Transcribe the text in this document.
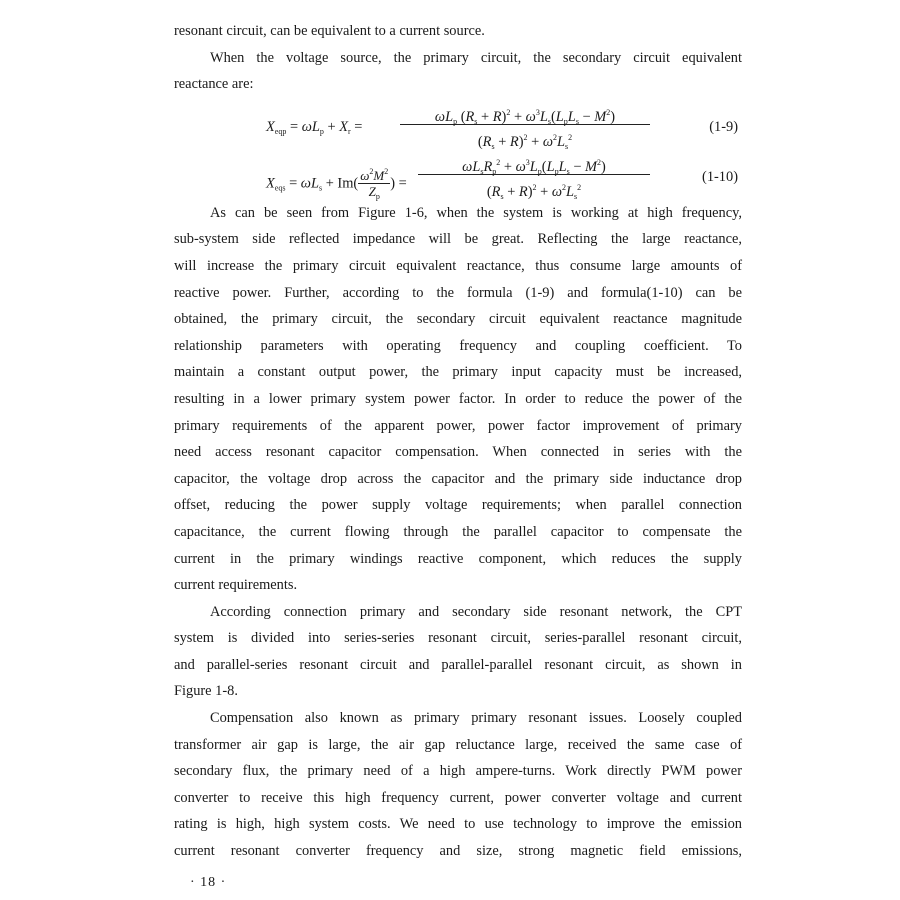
resonant circuit, can be equivalent to a current source.
When the voltage source, the primary circuit, the secondary circuit equivalent
reactance are:
$X_{eqp} = \omega L_p + X_r$ =
$\omega L_p$ $(R_s + R)^2 + \omega^3L_s(L_pL_s - M^2)$
$(R_s + R)^2 + \omega^2L_s^2$
(1-9)
$X_{eqs} = \omega L_s + Im( \frac{\omega^2M^2}{Z_p}$ ) =
$\omega L_sR_p^2 + \omega^3L_p(L_pL_s - M^2)$
$(R_s + R)^2 + \omega^2L_s^2$
(1-10)
As can be seen from Figure 1-6, when the system is working at high frequency,
sub-system side reflected impedance will be great. Reflecting the large reactance,
will increase the primary circuit equivalent reactance, thus consume large amounts of
reactive power. Further, according to the formula (1-9) and formula(1-10) can be
obtained, the primary circuit, the secondary circuit equivalent reactance magnitude
relationship parameters with operating frequency and coupling coefficient. To
maintain a constant output power, the primary input capacity must be increased,
resulting in a lower primary system power factor. In order to reduce the power of the
primary requirements of the apparent power, power factor improvement of primary
need access resonant capacitor compensation. When connected in series with the
capacitor, the voltage drop across the capacitor and the primary side inductance drop
offset, reducing the power supply voltage requirements; when parallel connection
capacitance, the current flowing through the parallel capacitor to compensate the
current in the primary windings reactive component, which reduces the supply
current requirements.
According connection primary and secondary side resonant network, the CPT
system is divided into series-series resonant circuit, series-parallel resonant circuit,
and parallel-series resonant circuit and parallel-parallel resonant circuit, as shown in
Figure 1-8.
Compensation also known as primary primary resonant issues. Loosely coupled
transformer air gap is large, the air gap reluctance large, received the same case of
secondary flux, the primary need of a high ampere-turns. Work directly PWM power
converter to receive this high frequency current, power converter voltage and current
rating is high, high system costs. We need to use technology to improve the emission
current resonant converter frequency and size, strong magnetic field emissions,
· 18 ·
